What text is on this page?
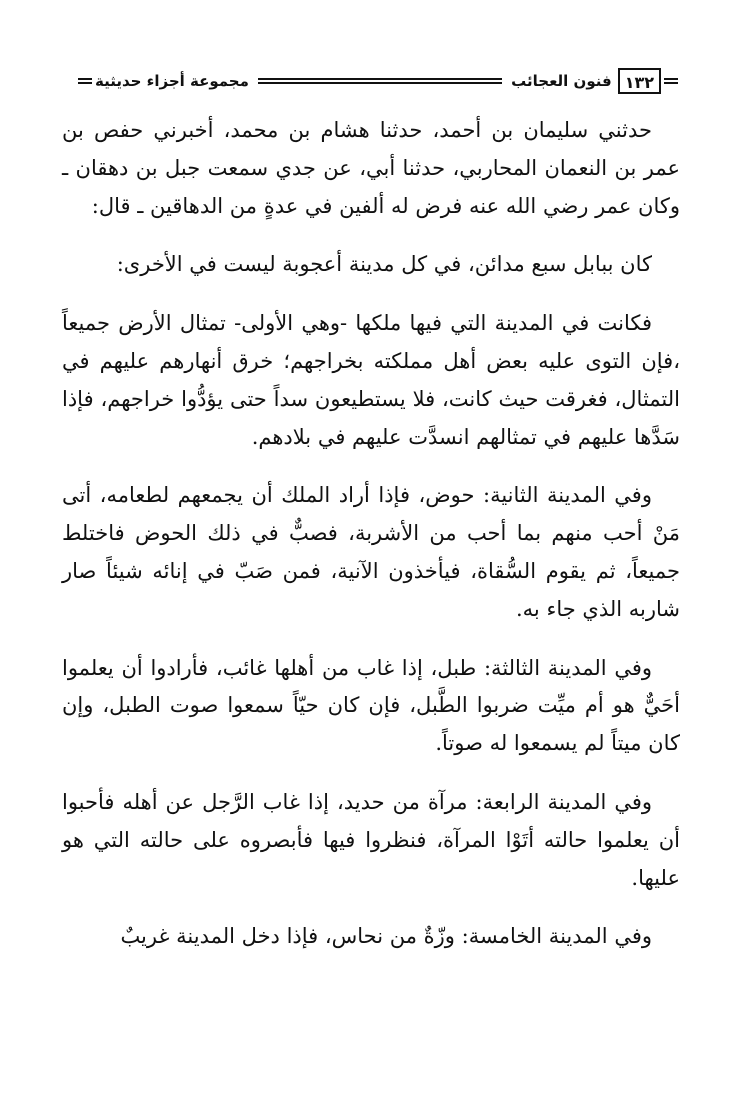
١٣٢
فنون العجائب
مجموعة أجزاء حديثية

حدثني سليمان بن أحمد، حدثنا هشام بن محمد، أخبرني حفص بن عمر بن النعمان المحاربي، حدثنا أبي، عن جدي سمعت جبل بن دهقان ـ وكان عمر رضي الله عنه فرض له ألفين في عدةٍ من الدهاقين ـ قال:

كان ببابل سبع مدائن، في كل مدينة أعجوبة ليست في الأخرى:

فكانت في المدينة التي فيها ملكها -وهي الأولى- تمثال الأرض جميعاً ،فإن التوى عليه بعض أهل مملكته بخراجهم؛ خرق أنهارهم عليهم في التمثال، فغرقت حيث كانت، فلا يستطيعون سداً حتى يؤدُّوا خراجهم، فإذا سَدَّها عليهم في تمثالهم انسدَّت عليهم في بلادهم.

وفي المدينة الثانية: حوض، فإذا أراد الملك أن يجمعهم لطعامه، أتى مَنْ أحب منهم بما أحب من الأشربة، فصبٌّ في ذلك الحوض فاختلط جميعاً، ثم يقوم السُّقاة، فيأخذون الآنية، فمن صَبّ في إنائه شيئاً صار شاربه الذي جاء به.

وفي المدينة الثالثة: طبل، إذا غاب من أهلها غائب، فأرادوا أن يعلموا أحَيٌّ هو أم ميِّت ضربوا الطَّبل، فإن كان حيّاً سمعوا صوت الطبل، وإن كان ميتاً لم يسمعوا له صوتاً.

وفي المدينة الرابعة: مرآة من حديد، إذا غاب الرَّجل عن أهله فأحبوا أن يعلموا حالته أتَوْا المرآة، فنظروا فيها فأبصروه على حالته التي هو عليها.

وفي المدينة الخامسة: وزّةٌ من نحاس، فإذا دخل المدينة غريبٌ
